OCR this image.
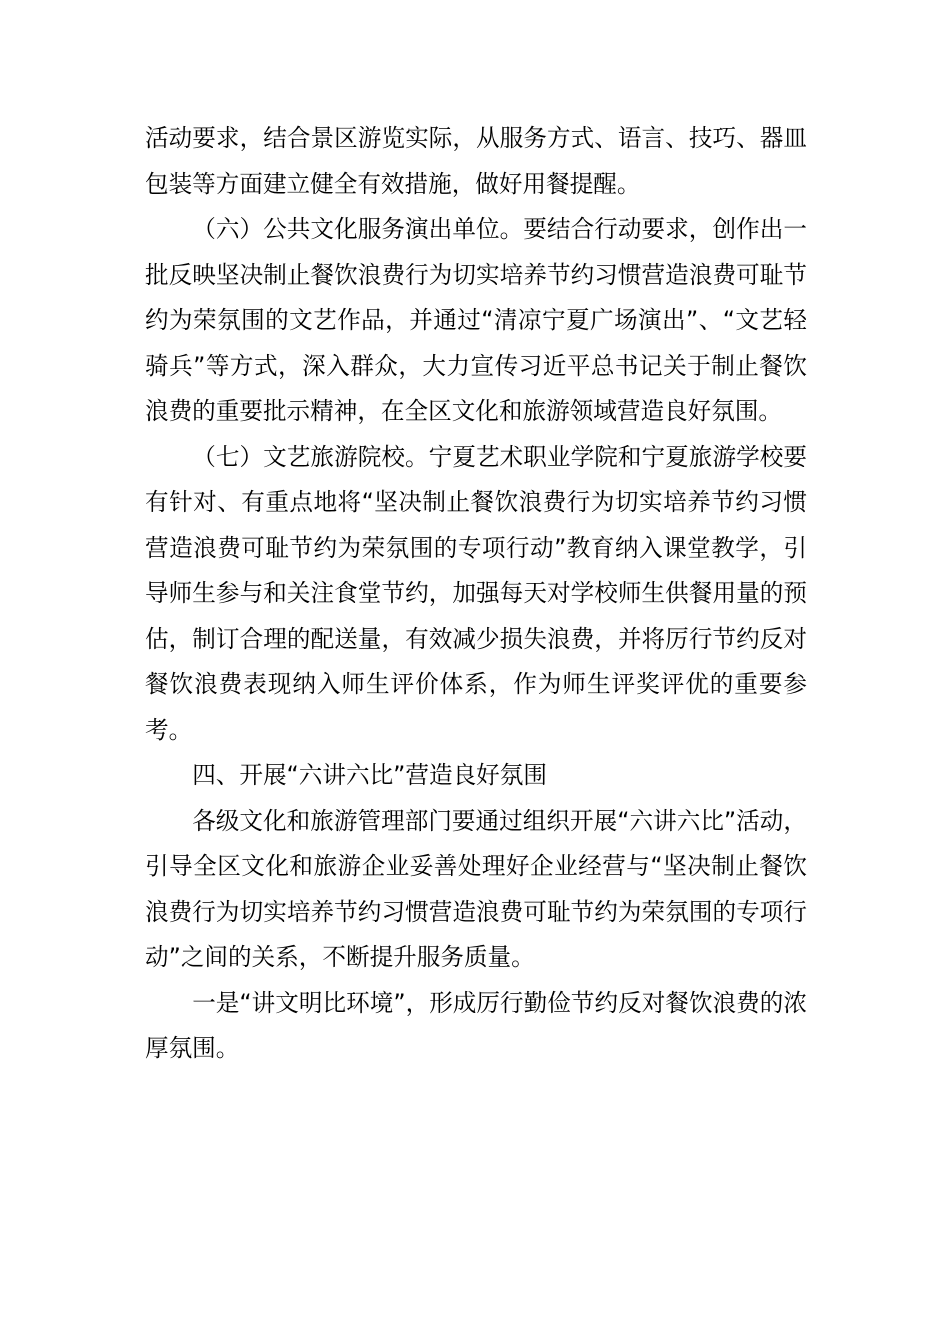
活动要求，结合景区游览实际，从服务方式、语言、技巧、器皿包装等方面建立健全有效措施，做好用餐提醒。

（六）公共文化服务演出单位。要结合行动要求，创作出一批反映坚决制止餐饮浪费行为切实培养节约习惯营造浪费可耻节约为荣氛围的文艺作品，并通过“清凉宁夏广场演出”、“文艺轻骑兵”等方式，深入群众，大力宣传习近平总书记关于制止餐饮浪费的重要批示精神，在全区文化和旅游领域营造良好氛围。

（七）文艺旅游院校。宁夏艺术职业学院和宁夏旅游学校要有针对、有重点地将“坚决制止餐饮浪费行为切实培养节约习惯营造浪费可耻节约为荣氛围的专项行动”教育纳入课堂教学，引导师生参与和关注食堂节约，加强每天对学校师生供餐用量的预估，制订合理的配送量，有效减少损失浪费，并将厉行节约反对餐饮浪费表现纳入师生评价体系，作为师生评奖评优的重要参考。

四、开展“六讲六比”营造良好氛围

各级文化和旅游管理部门要通过组织开展“六讲六比”活动，引导全区文化和旅游企业妥善处理好企业经营与“坚决制止餐饮浪费行为切实培养节约习惯营造浪费可耻节约为荣氛围的专项行动”之间的关系，不断提升服务质量。

一是“讲文明比环境”，形成厉行勤俭节约反对餐饮浪费的浓厚氛围。
